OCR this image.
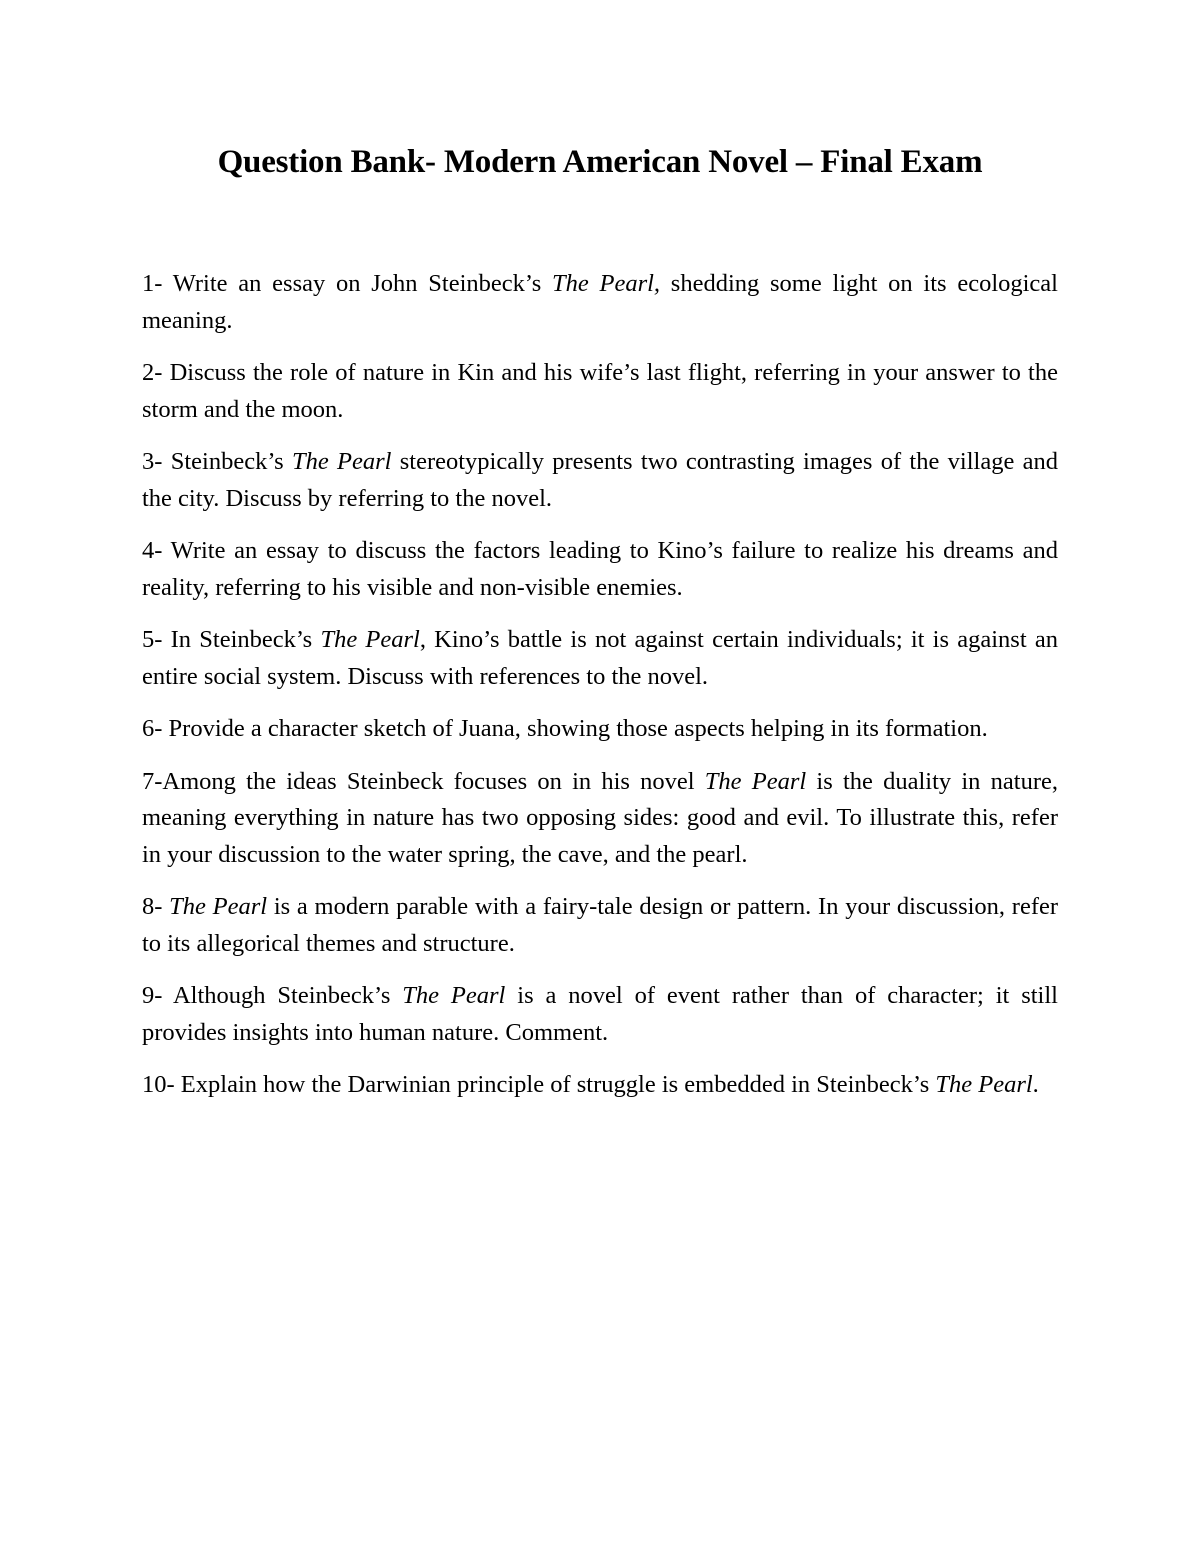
Question Bank- Modern American Novel – Final Exam

1- Write an essay on John Steinbeck’s The Pearl, shedding some light on its ecological meaning.

2- Discuss the role of nature in Kin and his wife’s last flight, referring in your answer to the storm and the moon.

3- Steinbeck’s The Pearl stereotypically presents two contrasting images of the village and the city. Discuss by referring to the novel.

4- Write an essay to discuss the factors leading to Kino’s failure to realize his dreams and reality, referring to his visible and non-visible enemies.

5- In Steinbeck’s The Pearl, Kino’s battle is not against certain individuals; it is against an entire social system. Discuss with references to the novel.

6- Provide a character sketch of Juana, showing those aspects helping in its formation.

7-Among the ideas Steinbeck focuses on in his novel The Pearl is the duality in nature, meaning everything in nature has two opposing sides: good and evil. To illustrate this, refer in your discussion to the water spring, the cave, and the pearl.

8- The Pearl is a modern parable with a fairy-tale design or pattern. In your discussion, refer to its allegorical themes and structure.

9- Although Steinbeck’s The Pearl is a novel of event rather than of character; it still provides insights into human nature. Comment.

10- Explain how the Darwinian principle of struggle is embedded in Steinbeck’s The Pearl.
